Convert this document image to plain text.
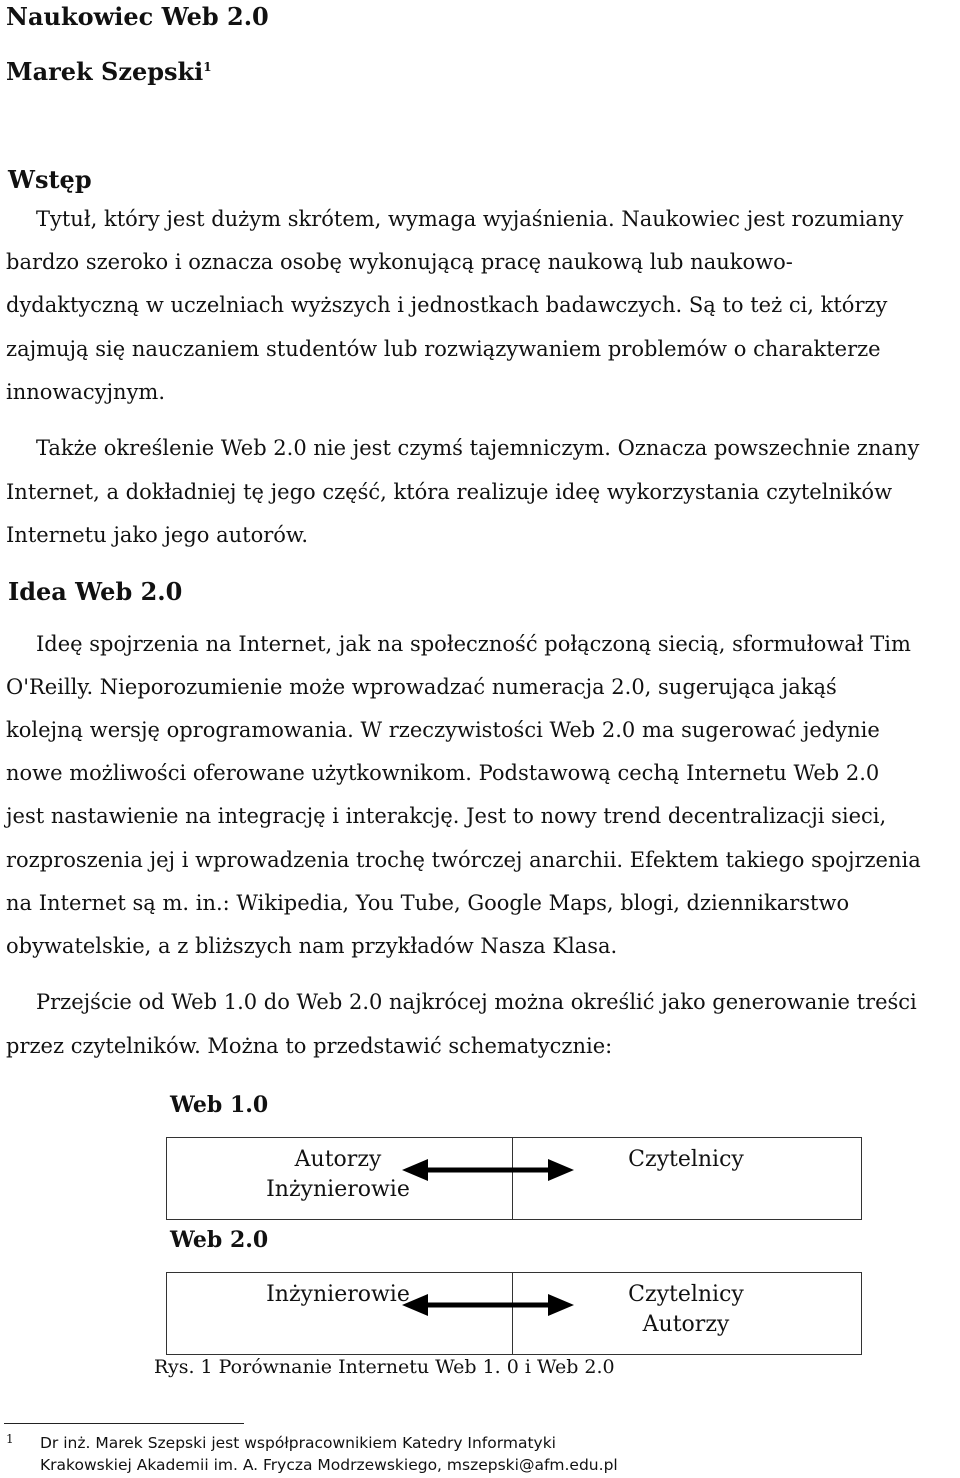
Naukowiec Web 2.0
Marek Szepski$^1$
Wstęp
Tytuł, który jest dużym skrótem, wymaga wyjaśnienia. Naukowiec jest rozumiany
bardzo szeroko i oznacza osobę wykonującą pracę naukową lub naukowo-
dydaktyczną w uczelniach wyższych i jednostkach badawczych. Są to też ci, którzy
zajmują się nauczaniem studentów lub rozwiązywaniem problemów o charakterze
innowacyjnym.
Także określenie Web 2.0 nie jest czymś tajemniczym. Oznacza powszechnie znany
Internet, a dokładniej tę jego część, która realizuje ideę wykorzystania czytelników
Internetu jako jego autorów.
Idea Web 2.0
Ideę spojrzenia na Internet, jak na społeczność połączoną siecią, sformułował Tim
O'Reilly. Nieporozumienie może wprowadzać numeracja 2.0, sugerująca jakąś
kolejną wersję oprogramowania. W rzeczywistości Web 2.0 ma sugerować jedynie
nowe możliwości oferowane użytkownikom. Podstawową cechą Internetu Web 2.0
jest nastawienie na integrację i interakcję. Jest to nowy trend decentralizacji sieci,
rozproszenia jej i wprowadzenia trochę twórczej anarchii. Efektem takiego spojrzenia
na Internet są m. in.: Wikipedia, You Tube, Google Maps, blogi, dziennikarstwo
obywatelskie, a z bliższych nam przykładów Nasza Klasa.
Przejście od Web 1.0 do Web 2.0 najkrócej można określić jako generowanie treści
przez czytelników. Można to przedstawić schematycznie:
Web 1.0
Autorzy
Inżynierowie
Czytelnicy
Web 2.0
Inżynierowie	Czytelnicy
Autorzy
Rys. 1 Porównanie Internetu Web 1. 0 i Web 2.0
1 Dr inż. Marek Szepski jest współpracownikiem Katedry Informatyki
Krakowskiej Akademii im. A. Frycza Modrzewskiego, mszepski@afm.edu.pl
